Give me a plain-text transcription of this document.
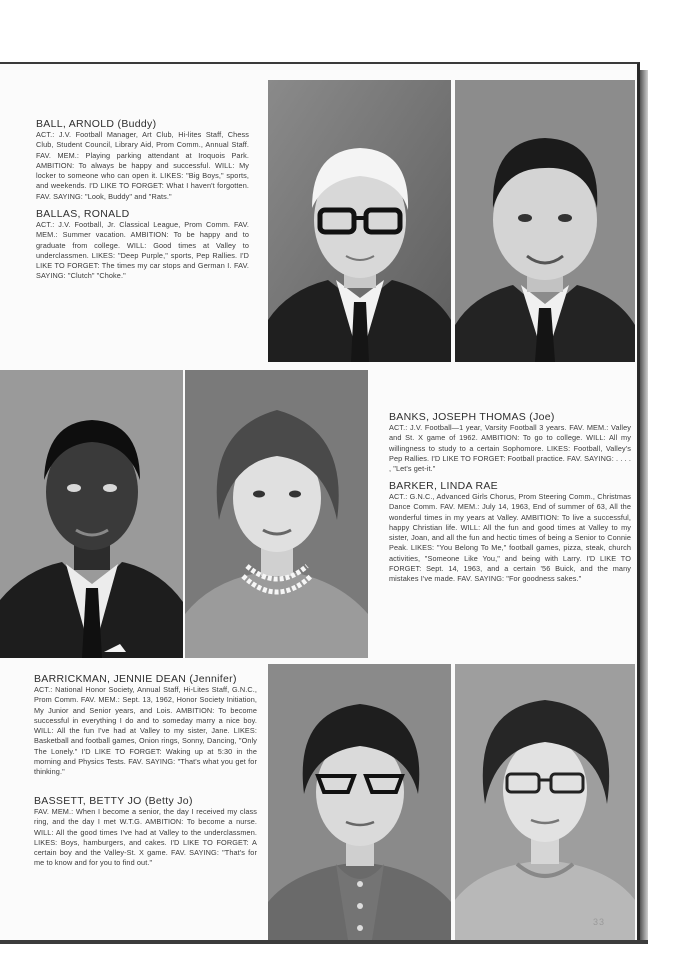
BALL, ARNOLD (Buddy)
ACT.: J.V. Football Manager, Art Club, Hi-lites Staff, Chess Club, Student Council, Library Aid, Prom Comm., Annual Staff. FAV. MEM.: Playing parking attendant at Iroquois Park. AMBITION: To always be happy and successful. WILL: My locker to someone who can open it. LIKES: "Big Boys," sports, and weekends. I'D LIKE TO FORGET: What I haven't forgotten. FAV. SAYING: "Look, Buddy" and "Rats."
BALLAS, RONALD
ACT.: J.V. Football, Jr. Classical League, Prom Comm. FAV. MEM.: Summer vacation. AMBITION: To be happy and to graduate from college. WILL: Good times at Valley to underclassmen. LIKES: "Deep Purple," sports, Pep Rallies. I'D LIKE TO FORGET: The times my car stops and German I. FAV. SAYING: "Clutch" "Choke."
BANKS, JOSEPH THOMAS (Joe)
ACT.: J.V. Football—1 year, Varsity Football 3 years. FAV. MEM.: Valley and St. X game of 1962. AMBITION: To go to college. WILL: All my willingness to study to a certain Sophomore. LIKES: Football, Valley's Pep Rallies. I'D LIKE TO FORGET: Football practice. FAV. SAYING: . . . . , "Let's get-it."
BARKER, LINDA RAE
ACT.: G.N.C., Advanced Girls Chorus, Prom Steering Comm., Christmas Dance Comm. FAV. MEM.: July 14, 1963, End of summer of 63, All the wonderful times in my years at Valley. AMBITION: To live a successful, happy Christian life. WILL: All the fun and good times at Valley to my sister, Joan, and all the fun and hectic times of being a Senior to Connie Peak. LIKES: "You Belong To Me," football games, pizza, steak, church activities, "Someone Like You," and being with Larry. I'D LIKE TO FORGET: Sept. 14, 1963, and a certain '56 Buick, and the many mistakes I've made. FAV. SAYING: "For goodness sakes."
BARRICKMAN, JENNIE DEAN (Jennifer)
ACT.: National Honor Society, Annual Staff, Hi-Lites Staff, G.N.C., Prom Comm. FAV. MEM.: Sept. 13, 1962, Honor Society Initiation, My Junior and Senior years, and Lois. AMBITION: To become successful in everything I do and to someday marry a nice boy. WILL: All the fun I've had at Valley to my sister, Jane. LIKES: Basketball and football games, Onion rings, Sonny, Dancing, "Only The Lonely." I'D LIKE TO FORGET: Waking up at 5:30 in the morning and Physics Tests. FAV. SAYING: "That's what you get for thinking."
BASSETT, BETTY JO (Betty Jo)
FAV. MEM.: When I become a senior, the day I received my class ring, and the day I met W.T.G. AMBITION: To become a nurse. WILL: All the good times I've had at Valley to the underclassmen. LIKES: Boys, hamburgers, and cakes. I'D LIKE TO FORGET: A certain boy and the Valley-St. X game. FAV. SAYING: "That's for me to know and for you to find out."
33
